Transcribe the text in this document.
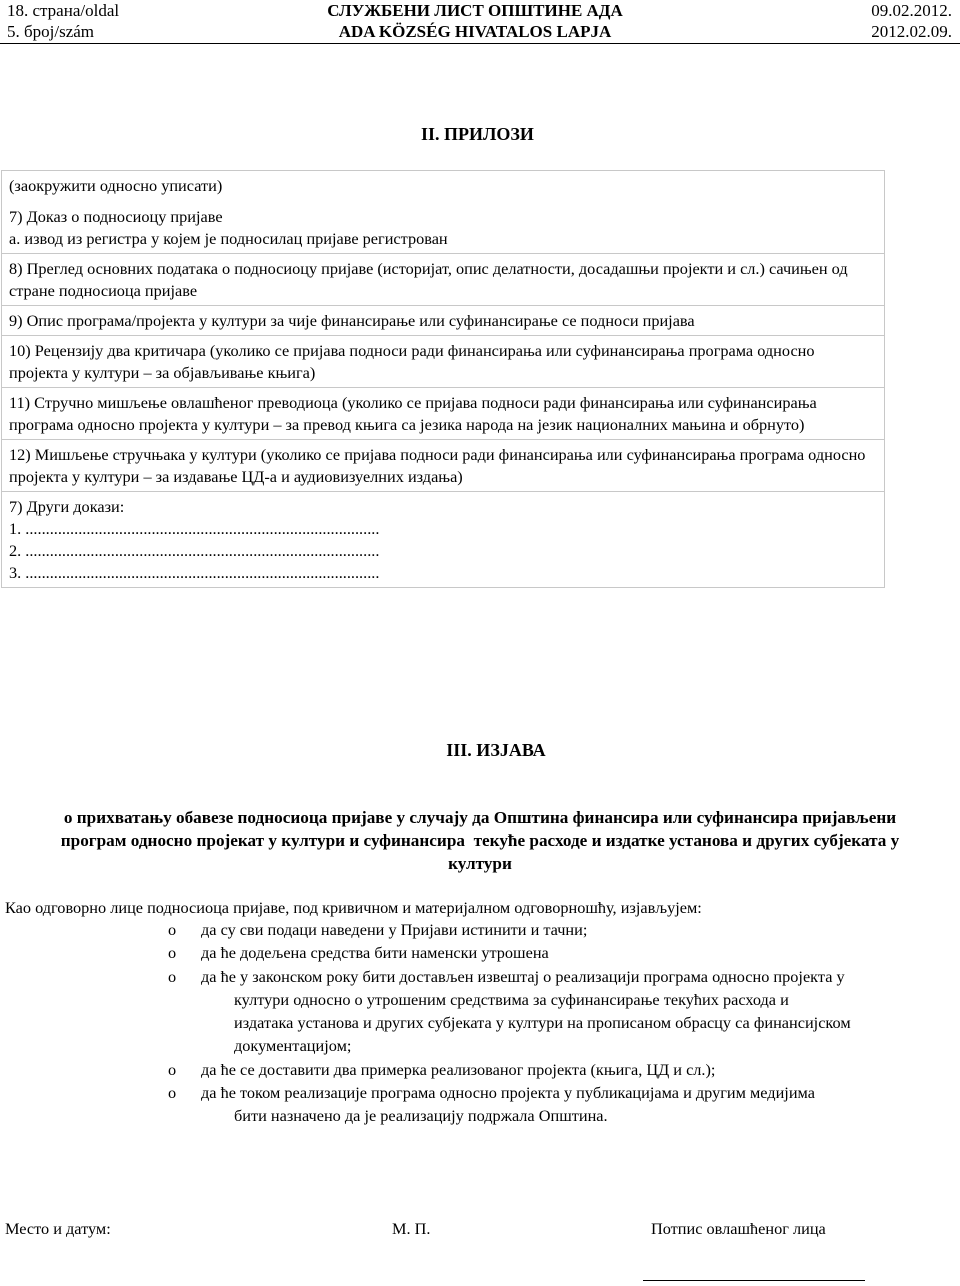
18. страна/oldal
5. број/szám
СЛУЖБЕНИ ЛИСТ ОПШТИНЕ АДА
ADA KÖZSÉG HIVATALOS LAPJA
09.02.2012.
2012.02.09.
II. ПРИЛОЗИ
(заокружити односно уписати)
7) Доказ о подносиоцу пријаве
а. извод из регистра у којем је подносилац пријаве регистрован

8) Преглед основних података о подносиоцу пријаве (историјат, опис делатности, досадашњи пројекти и сл.) сачињен од стране подносиоца пријаве
9) Опис програма/пројекта у култури за чије финансирање или суфинансирање се подноси пријава
10) Рецензију два критичара (уколико се пријава подноси ради финансирања или суфинансирања програма односно пројекта у култури – за објављивање књига)
11) Стручно мишљење овлашћеног преводиоца (уколико се пријава подноси ради финансирања или суфинансирања програма односно пројекта у култури – за превод књига са језика народа на језик националних мањина и обрнуто)
12) Мишљење стручњака у култури (уколико се пријава подноси ради финансирања или суфинансирања програма односно пројекта у култури – за издавање ЦД-а и аудиовизуелних издања)

7) Други докази:
1. .......................................................................................
2. .......................................................................................
3. .......................................................................................
III. ИЗЈАВА
о прихватању обавезе подносиоца пријаве у случају да Општина финансира или суфинансира пријављени
програм односно пројекат у култури и суфинансира  текуће расходе и издатке установа и других субјеката у
култури
Као одговорно лице подносиоца пријаве, под кривичном и материјалном одговорношћу, изјављујем:
o да су сви подаци наведени у Пријави истинити и тачни;
o да ће додељена средства бити наменски утрошена
o да ће у законском року бити достављен извештај о реализацији програма односно пројекта у
култури односно о утрошеним средствима за суфинансирање текућих расхода и
издатака установа и других субјеката у култури на прописаном обрасцу са финансијском
документацијом;
o да ће се доставити два примерка реализованог пројекта (књига, ЦД и сл.);
o да ће током реализације програма односно пројекта у публикацијама и другим медијима
бити назначено да је реализацију подржала Општина.
Место и датум:	М. П.	Потпис овлашћеног лица
